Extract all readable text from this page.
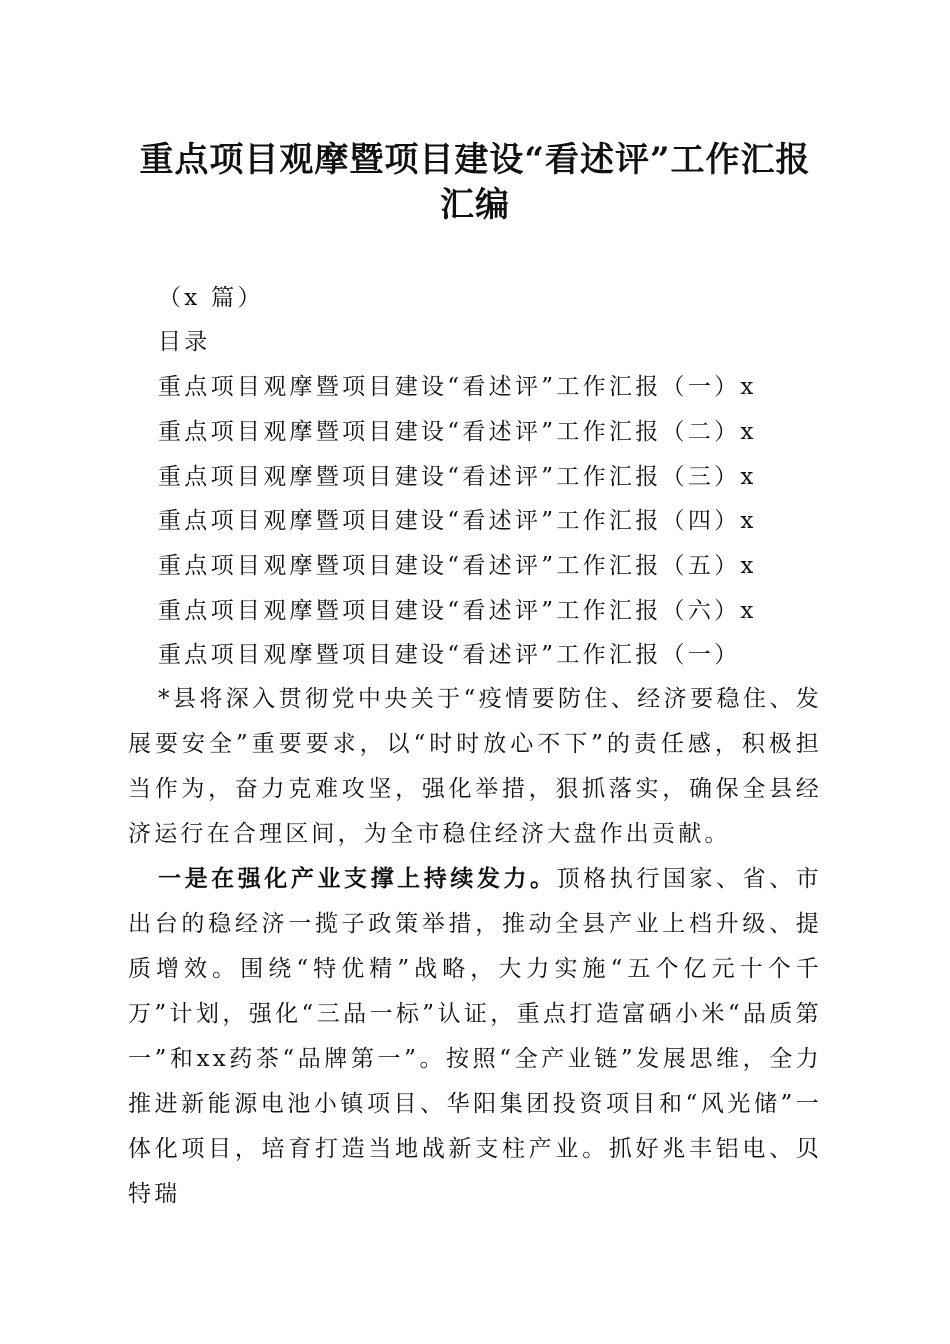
重点项目观摩暨项目建设“看述评”工作汇报
汇编
（x 篇）
目录
重点项目观摩暨项目建设“看述评”工作汇报（一）x
重点项目观摩暨项目建设“看述评”工作汇报（二）x
重点项目观摩暨项目建设“看述评”工作汇报（三）x
重点项目观摩暨项目建设“看述评”工作汇报（四）x
重点项目观摩暨项目建设“看述评”工作汇报（五）x
重点项目观摩暨项目建设“看述评”工作汇报（六）x
重点项目观摩暨项目建设“看述评”工作汇报（一）

*县将深入贯彻党中央关于“疫情要防住、经济要稳住、发展要安全”重要要求，以“时时放心不下”的责任感，积极担当作为，奋力克难攻坚，强化举措，狠抓落实，确保全县经济运行在合理区间，为全市稳住经济大盘作出贡献。

一是在强化产业支撑上持续发力。顶格执行国家、省、市出台的稳经济一揽子政策举措，推动全县产业上档升级、提质增效。围绕“特优精”战略，大力实施“五个亿元十个千万”计划，强化“三品一标”认证，重点打造富硒小米“品质第一”和xx药茶“品牌第一”。按照“全产业链”发展思维，全力推进新能源电池小镇项目、华阳集团投资项目和“风光储”一体化项目，培育打造当地战新支柱产业。抓好兆丰铝电、贝特瑞
